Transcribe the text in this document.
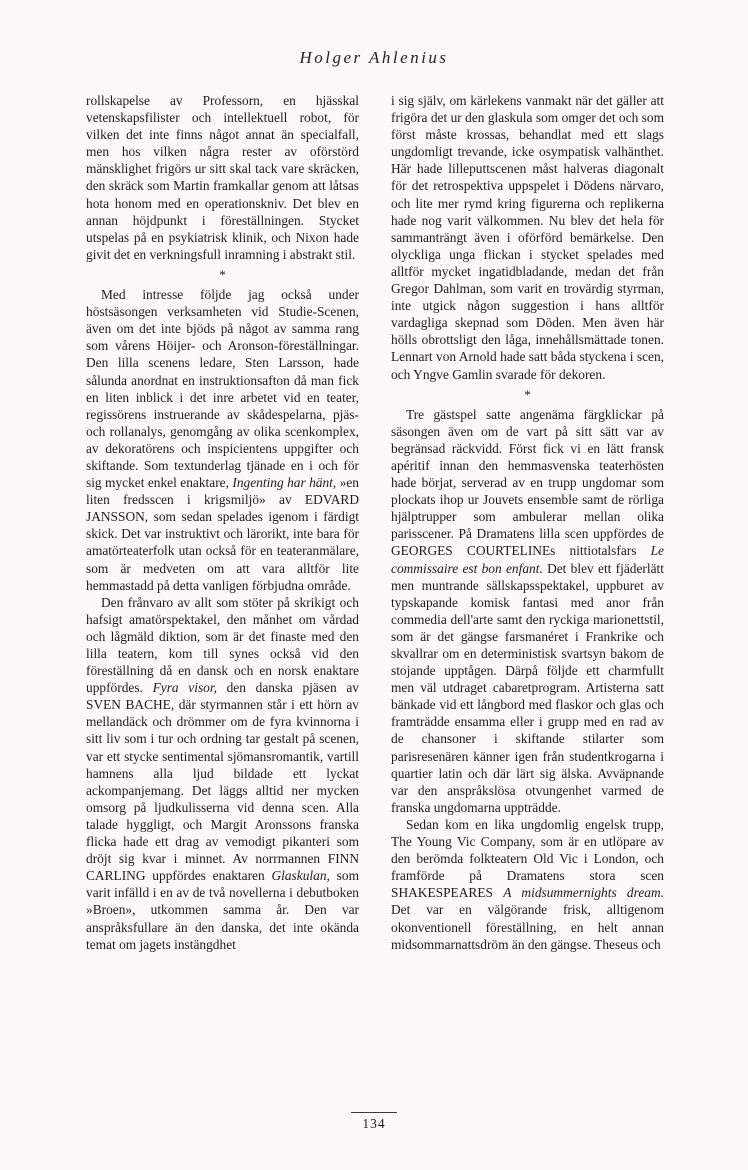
Holger Ahlenius

rollskapelse av Professorn, en hjässkal vetenskapsfilister och intellektuell robot, för vilken det inte finns något annat än specialfall, men hos vilken några rester av oförstörd mänsklighet frigörs ur sitt skal tack vare skräcken, den skräck som Martin framkallar genom att låtsas hota honom med en operationskniv. Det blev en annan höjdpunkt i föreställningen. Stycket utspelas på en psykiatrisk klinik, och Nixon hade givit det en verkningsfull inramning i abstrakt stil.

*

Med intresse följde jag också under höstsäsongen verksamheten vid Studie-Scenen, även om det inte bjöds på något av samma rang som vårens Höijer- och Aronson-föreställningar. Den lilla scenens ledare, Sten Larsson, hade sålunda anordnat en instruktionsafton då man fick en liten inblick i det inre arbetet vid en teater, regissörens instruerande av skådespelarna, pjäs- och rollanalys, genomgång av olika scenkomplex, av dekoratörens och inspicientens uppgifter och skiftande. Som textunderlag tjänade en i och för sig mycket enkel enaktare, Ingenting har hänt, »en liten fredsscen i krigsmiljö» av EDVARD JANSSON, som sedan spelades igenom i färdigt skick. Det var instruktivt och lärorikt, inte bara för amatörteaterfolk utan också för en teateranmälare, som är medveten om att vara alltför lite hemmastadd på detta vanligen förbjudna område.

Den frånvaro av allt som stöter på skrikigt och hafsigt amatörspektakel, den månhet om vårdad och lågmäld diktion, som är det finaste med den lilla teatern, kom till synes också vid den föreställning då en dansk och en norsk enaktare uppfördes. Fyra visor, den danska pjäsen av SVEN BACHE, där styrmannen står i ett hörn av mellandäck och drömmer om de fyra kvinnorna i sitt liv som i tur och ordning tar gestalt på scenen, var ett stycke sentimental sjömansromantik, vartill hamnens alla ljud bildade ett lyckat ackompanjemang. Det läggs alltid ner mycken omsorg på ljudkulisserna vid denna scen. Alla talade hyggligt, och Margit Aronssons franska flicka hade ett drag av vemodigt pikanteri som dröjt sig kvar i minnet. Av norrmannen FINN CARLING uppfördes enaktaren Glaskulan, som varit infälld i en av de två novellerna i debutboken »Broen», utkommen samma år. Den var anspråksfullare än den danska, det inte okända temat om jagets instängdhet

i sig själv, om kärlekens vanmakt när det gäller att frigöra det ur den glaskula som omger det och som först måste krossas, behandlat med ett slags ungdomligt trevande, icke osympatisk valhänthet. Här hade lilleputtscenen måst halveras diagonalt för det retrospektiva uppspelet i Dödens närvaro, och lite mer rymd kring figurerna och replikerna hade nog varit välkommen. Nu blev det hela för sammanträngt även i oförförd bemärkelse. Den olyckliga unga flickan i stycket spelades med alltför mycket ingatidbladande, medan det från Gregor Dahlman, som varit en trovärdig styrman, inte utgick någon suggestion i hans alltför vardagliga skepnad som Döden. Men även här hölls obrottsligt den låga, innehållsmättade tonen. Lennart von Arnold hade satt båda styckena i scen, och Yngve Gamlin svarade för dekoren.

*

Tre gästspel satte angenäma färgklickar på säsongen även om de vart på sitt sätt var av begränsad räckvidd. Först fick vi en lätt fransk apéritif innan den hemmasvenska teaterhösten hade börjat, serverad av en trupp ungdomar som plockats ihop ur Jouvets ensemble samt de rörliga hjälptrupper som ambulerar mellan olika parisscener. På Dramatens lilla scen uppfördes de GEORGES COURTELINEs nittiotalsfars Le commissaire est bon enfant. Det blev ett fjäderlätt men muntrande sällskapsspektakel, uppburet av typskapande komisk fantasi med anor från commedia dell'arte samt den ryckiga marionettstil, som är det gängse farsmanéret i Frankrike och skvallrar om en deterministisk svartsyn bakom de stojande upptågen. Därpå följde ett charmfullt men väl utdraget cabaretprogram. Artisterna satt bänkade vid ett långbord med flaskor och glas och framträdde ensamma eller i grupp med en rad av de chansoner i skiftande stilarter som parisresenären känner igen från studentkrogarna i quartier latin och där lärt sig älska. Avväpnande var den anspråkslösa otvungenhet varmed de franska ungdomarna uppträdde.

Sedan kom en lika ungdomlig engelsk trupp, The Young Vic Company, som är en utlöpare av den berömda folkteatern Old Vic i London, och framförde på Dramatens stora scen SHAKESPEARES A midsummernights dream. Det var en välgörande frisk, alltigenom okonventionell föreställning, en helt annan midsommarnattsdröm än den gängse. Theseus och

134
